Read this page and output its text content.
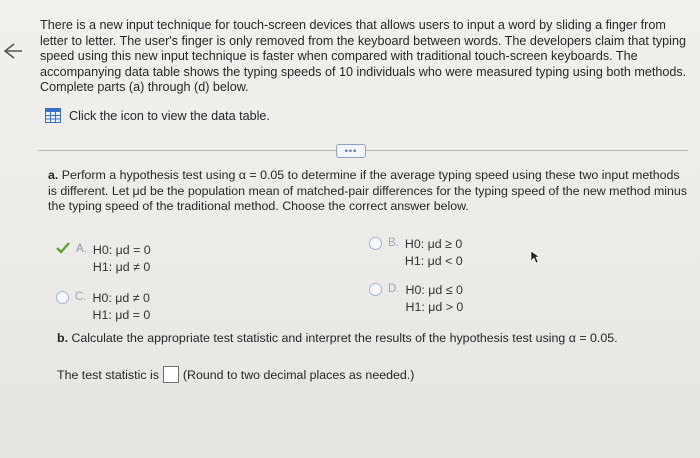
There is a new input technique for touch-screen devices that allows users to input a word by sliding a finger from letter to letter. The user's finger is only removed from the keyboard between words. The developers claim that typing speed using this new input technique is faster when compared with traditional touch-screen keyboards. The accompanying data table shows the typing speeds of 10 individuals who were measured typing using both methods. Complete parts (a) through (d) below.
Click the icon to view the data table.
•••
a. Perform a hypothesis test using α = 0.05 to determine if the average typing speed using these two input methods is different. Let μd be the population mean of matched-pair differences for the typing speed of the new method minus the typing speed of the traditional method. Choose the correct answer below.
A. H0: μd = 0
H1: μd ≠ 0
B. H0: μd ≥ 0
H1: μd < 0
C. H0: μd ≠ 0
H1: μd = 0
D. H0: μd ≤ 0
H1: μd > 0
b. Calculate the appropriate test statistic and interpret the results of the hypothesis test using α = 0.05.
The test statistic is (Round to two decimal places as needed.)
